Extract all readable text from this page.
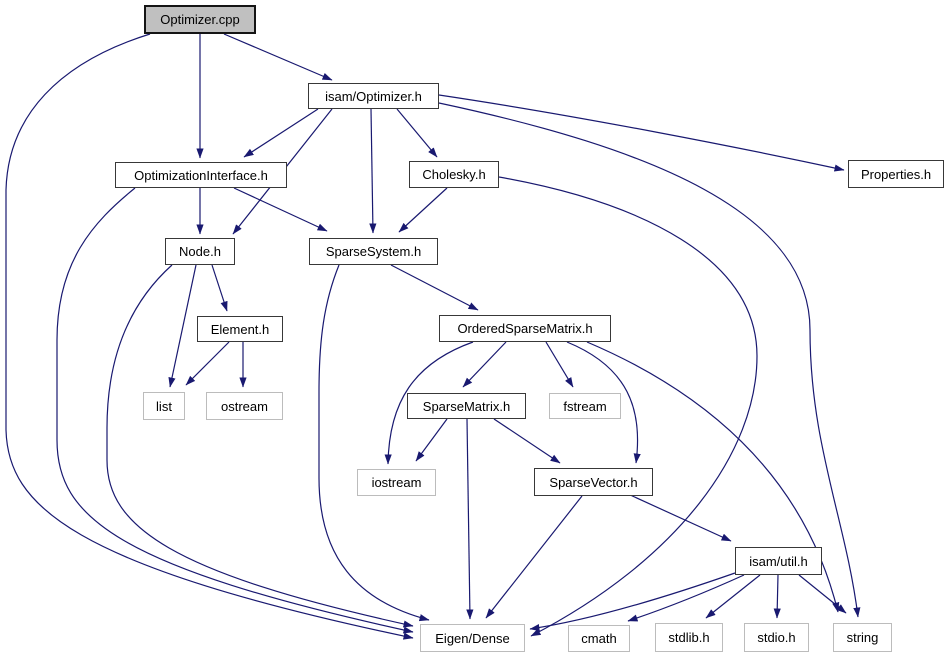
Optimizer.cpp
isam/Optimizer.h
OptimizationInterface.h	Cholesky.h	Properties.h
Node.h	SparseSystem.h
Element.h	OrderedSparseMatrix.h
list	ostream	SparseMatrix.h	fstream
iostream	SparseVector.h
isam/util.h
Eigen/Dense	cmath	stdlib.h	stdio.h	string
